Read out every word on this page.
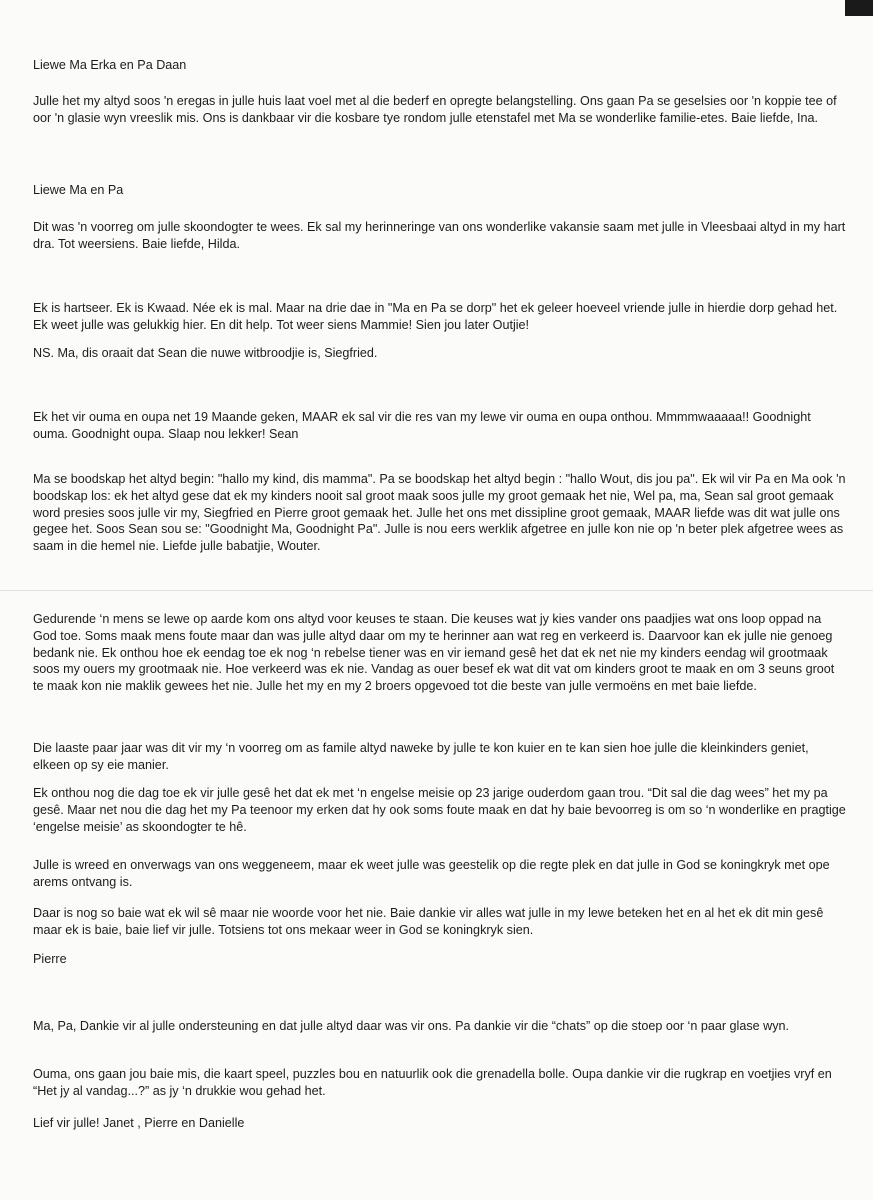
Liewe Ma Erka en Pa Daan

Julle het my altyd soos 'n eregas in julle huis laat voel met al die bederf en opregte belangstelling. Ons gaan Pa se geselsies oor 'n koppie tee of oor 'n glasie wyn vreeslik mis. Ons is dankbaar vir die kosbare tye rondom julle etenstafel met Ma se wonderlike familie-etes. Baie liefde, Ina.

Liewe Ma en Pa

Dit was 'n voorreg om julle skoondogter te wees. Ek sal my herinneringe van ons wonderlike vakansie saam met julle in Vleesbaai altyd in my hart dra. Tot weersiens. Baie liefde, Hilda.

Ek is hartseer. Ek is Kwaad. Née ek is mal. Maar na drie dae in "Ma en Pa se dorp" het ek geleer hoeveel vriende julle in hierdie dorp gehad het. Ek weet julle was gelukkig hier. En dit help. Tot weer siens Mammie! Sien jou later Outjie!

NS. Ma, dis oraait dat Sean die nuwe witbroodjie is, Siegfried.

Ek het vir ouma en oupa net 19 Maande geken, MAAR ek sal vir die res van my lewe vir ouma en oupa onthou. Mmmmwaaaaa!! Goodnight ouma. Goodnight oupa. Slaap nou lekker! Sean

Ma se boodskap het altyd begin: "hallo my kind, dis mamma". Pa se boodskap het altyd begin : "hallo Wout, dis jou pa". Ek wil vir Pa en Ma ook 'n boodskap los: ek het altyd gese dat ek my kinders nooit sal groot maak soos julle my groot gemaak het nie, Wel pa, ma, Sean sal groot gemaak word presies soos julle vir my, Siegfried en Pierre groot gemaak het. Julle het ons met dissipline groot gemaak, MAAR liefde was dit wat julle ons gegee het. Soos Sean sou se: "Goodnight Ma, Goodnight Pa". Julle is nou eers werklik afgetree en julle kon nie op 'n beter plek afgetree wees as saam in die hemel nie. Liefde julle babatjie, Wouter.

Gedurende ‘n mens se lewe op aarde kom ons altyd voor keuses te staan. Die keuses wat jy kies vander ons paadjies wat ons loop oppad na God toe. Soms maak mens foute maar dan was julle altyd daar om my te herinner aan wat reg en verkeerd is. Daarvoor kan ek julle nie genoeg bedank nie. Ek onthou hoe ek eendag toe ek nog ‘n rebelse tiener was en vir iemand gesê het dat ek net nie my kinders eendag wil grootmaak soos my ouers my grootmaak nie. Hoe verkeerd was ek nie. Vandag as ouer besef ek wat dit vat om kinders groot te maak en om 3 seuns groot te maak kon nie maklik gewees het nie. Julle het my en my 2 broers opgevoed tot die beste van julle vermoëns en met baie liefde.

Die laaste paar jaar was dit vir my ‘n voorreg om as famile altyd naweke by julle te kon kuier en te kan sien hoe julle die kleinkinders geniet, elkeen op sy eie manier.

Ek onthou nog die dag toe ek vir julle gesê het dat ek met ‘n engelse meisie op 23 jarige ouderdom gaan trou. “Dit sal die dag wees” het my pa gesê. Maar net nou die dag het my Pa teenoor my erken dat hy ook soms foute maak en dat hy baie bevoorreg is om so ‘n wonderlike en pragtige ‘engelse meisie’ as skoondogter te hê.

Julle is wreed en onverwags van ons weggeneem, maar ek weet julle was geestelik op die regte plek en dat julle in God se koningkryk met ope arems ontvang is.

Daar is nog so baie wat ek wil sê maar nie woorde voor het nie. Baie dankie vir alles wat julle in my lewe beteken het en al het ek dit min gesê maar ek is baie, baie lief vir julle. Totsiens tot ons mekaar weer in God se koningkryk sien.

Pierre

Ma, Pa, Dankie vir al julle ondersteuning en dat julle altyd daar was vir ons. Pa dankie vir die “chats” op die stoep oor ‘n paar glase wyn.

Ouma, ons gaan jou baie mis, die kaart speel, puzzles bou en natuurlik ook die grenadella bolle. Oupa dankie vir die rugkrap en voetjies vryf en “Het jy al vandag...?” as jy ‘n drukkie wou gehad het.

Lief vir julle! Janet , Pierre en Danielle
